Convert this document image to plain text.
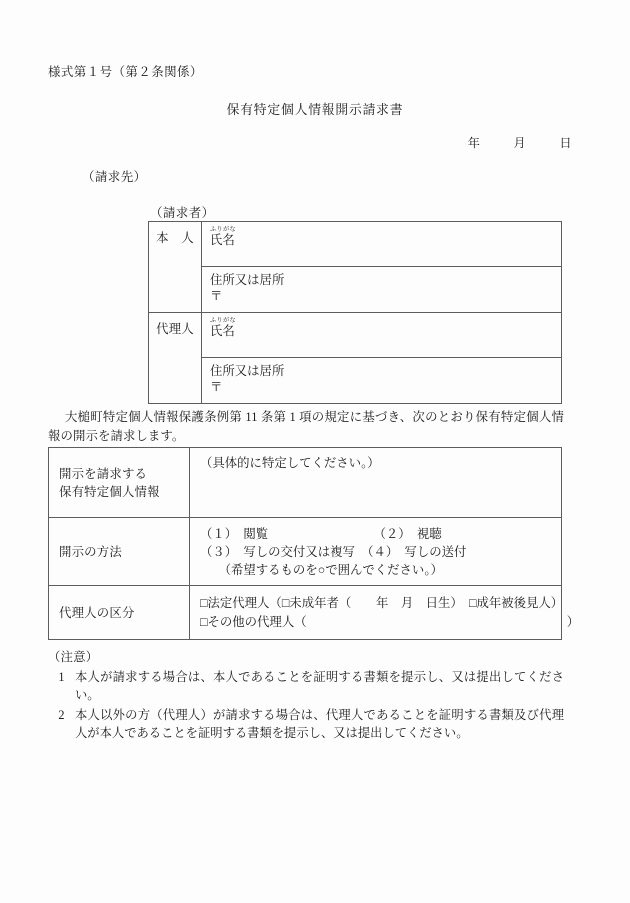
様式第１号（第２条関係）
保有特定個人情報開示請求書
年	月	日
（請求先）
（請求者）
本　人	ふりがな
氏名

	住所又は居所
〒

代理人	ふりがな
氏名

	住所又は居所
〒
大槌町特定個人情報保護条例第 11 条第 1 項の規定に基づき、次のとおり保有特定個人情報の開示を請求します。
開示を請求する
保有特定個人情報	（具体的に特定してください。）
開示の方法	（１）　閲覧　　　　　　　　　（２）　視聴
（３）　写しの交付又は複写　（４）　写しの送付
　　（希望するものを○で囲んでください。）

代理人の区分	□法定代理人（□未成年者（　　年　月　日生）　□成年被後見人）
□その他の代理人（　　　　　　　　　　　　　　　　　　　　　）
（注意）
1 本人が請求する場合は、本人であることを証明する書類を提示し、又は提出してください。
2 本人以外の方（代理人）が請求する場合は、代理人であることを証明する書類及び代理人が本人であることを証明する書類を提示し、又は提出してください。
